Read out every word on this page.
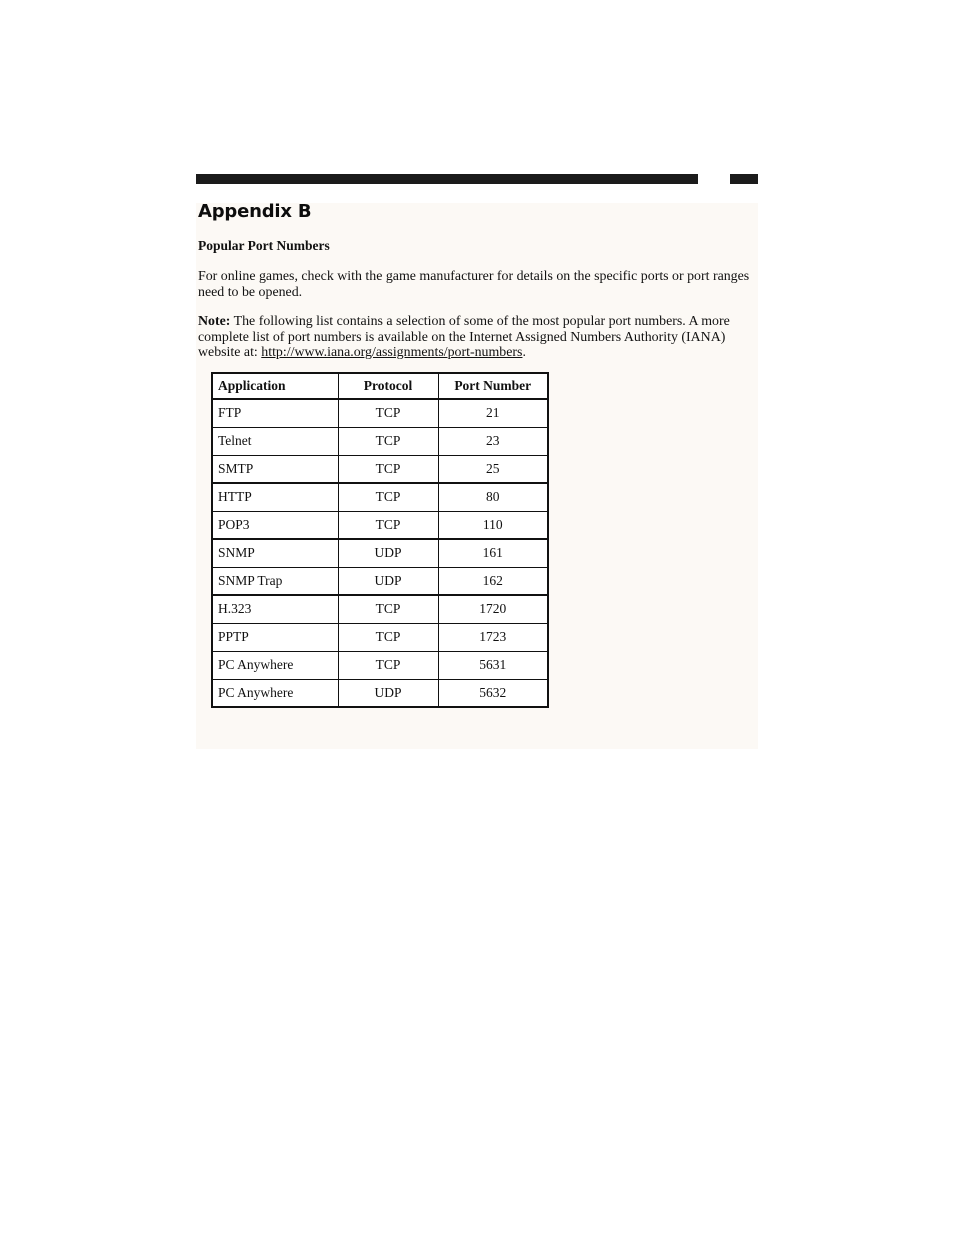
Appendix B
Popular Port Numbers

For online games, check with the game manufacturer for details on the specific ports or port ranges need to be opened.

Note: The following list contains a selection of some of the most popular port numbers. A more complete list of port numbers is available on the Internet Assigned Numbers Authority (IANA) website at: http://www.iana.org/assignments/port-numbers.

Application	Protocol	Port Number
FTP	TCP	21
Telnet	TCP	23
SMTP	TCP	25
HTTP	TCP	80
POP3	TCP	110
SNMP	UDP	161
SNMP Trap	UDP	162
H.323	TCP	1720
PPTP	TCP	1723
PC Anywhere	TCP	5631
PC Anywhere	UDP	5632
